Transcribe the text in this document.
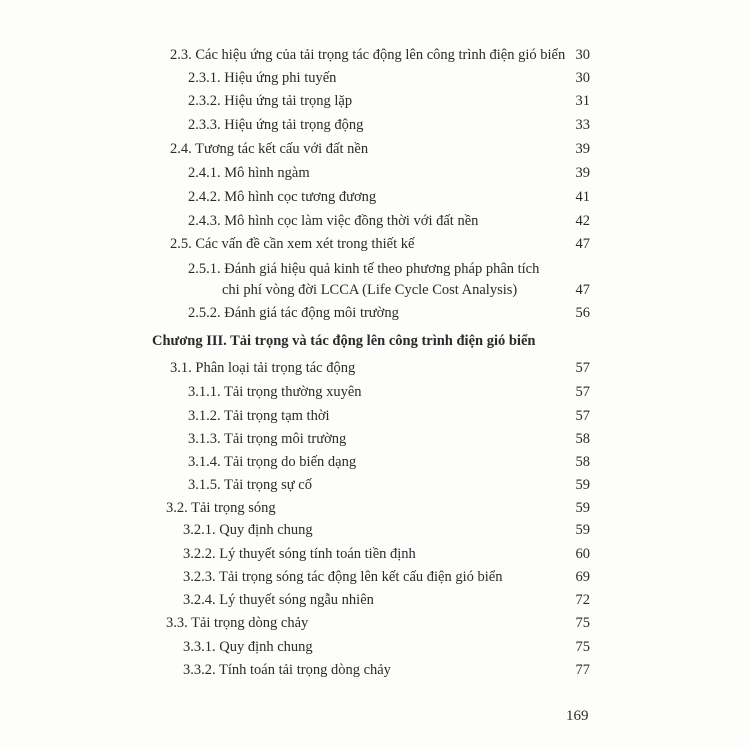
2.3. Các hiệu ứng của tải trọng tác động lên công trình điện gió biển 30
2.3.1. Hiệu ứng phi tuyến	30
2.3.2. Hiệu ứng tải trọng lặp	31
2.3.3. Hiệu ứng tải trọng động	33
2.4. Tương tác kết cấu với đất nền	39
2.4.1. Mô hình ngàm	39
2.4.2. Mô hình cọc tương đương	41
2.4.3. Mô hình cọc làm việc đồng thời với đất nền	42
2.5. Các vấn đề cần xem xét trong thiết kế	47
2.5.1. Đánh giá hiệu quả kinh tế theo phương pháp phân tích
chi phí vòng đời LCCA (Life Cycle Cost Analysis)	47
2.5.2. Đánh giá tác động môi trường	56
Chương III. Tải trọng và tác động lên công trình điện gió biển
3.1. Phân loại tải trọng tác động	57
3.1.1. Tải trọng thường xuyên	57
3.1.2. Tải trọng tạm thời	57
3.1.3. Tải trọng môi trường	58
3.1.4. Tải trọng do biến dạng	58
3.1.5. Tải trọng sự cố	59
3.2. Tải trọng sóng	59
3.2.1. Quy định chung	59
3.2.2. Lý thuyết sóng tính toán tiền định	60
3.2.3. Tải trọng sóng tác động lên kết cấu điện gió biển	69
3.2.4. Lý thuyết sóng ngẫu nhiên	72
3.3. Tải trọng dòng chảy	75
3.3.1. Quy định chung	75
3.3.2. Tính toán tải trọng dòng chảy	77
169
